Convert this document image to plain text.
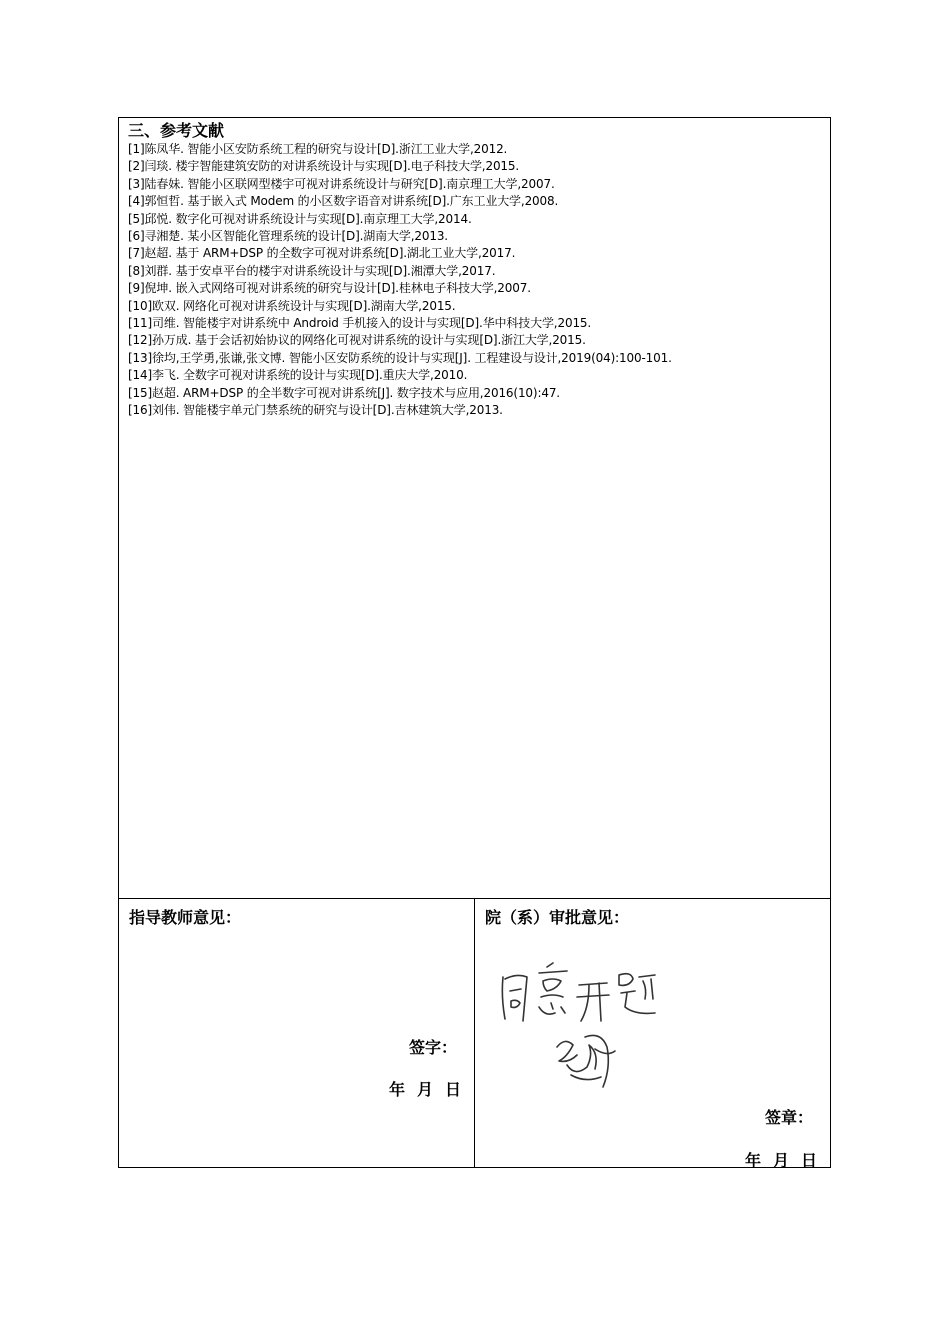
三、参考文献
[1]陈凤华. 智能小区安防系统工程的研究与设计[D].浙江工业大学,2012.
[2]闫琰. 楼宇智能建筑安防的对讲系统设计与实现[D].电子科技大学,2015.
[3]陆春妹. 智能小区联网型楼宇可视对讲系统设计与研究[D].南京理工大学,2007.
[4]郭恒哲. 基于嵌入式 Modem 的小区数字语音对讲系统[D].广东工业大学,2008.
[5]邱悦. 数字化可视对讲系统设计与实现[D].南京理工大学,2014.
[6]寻湘楚. 某小区智能化管理系统的设计[D].湖南大学,2013.
[7]赵超. 基于 ARM+DSP 的全数字可视对讲系统[D].湖北工业大学,2017.
[8]刘群. 基于安卓平台的楼宇对讲系统设计与实现[D].湘潭大学,2017.
[9]倪坤. 嵌入式网络可视对讲系统的研究与设计[D].桂林电子科技大学,2007.
[10]欧双. 网络化可视对讲系统设计与实现[D].湖南大学,2015.
[11]司维. 智能楼宇对讲系统中 Android 手机接入的设计与实现[D].华中科技大学,2015.
[12]孙万成. 基于会话初始协议的网络化可视对讲系统的设计与实现[D].浙江大学,2015.
[13]徐均,王学勇,张谦,张文博. 智能小区安防系统的设计与实现[J]. 工程建设与设计,2019(04):100-101.
[14]李飞. 全数字可视对讲系统的设计与实现[D].重庆大学,2010.
[15]赵超. ARM+DSP 的全半数字可视对讲系统[J]. 数字技术与应用,2016(10):47.
[16]刘伟. 智能楼宇单元门禁系统的研究与设计[D].吉林建筑大学,2013.
指导教师意见：
签字：
年 月 日
院（系）审批意见：
签章：
年 月 日
